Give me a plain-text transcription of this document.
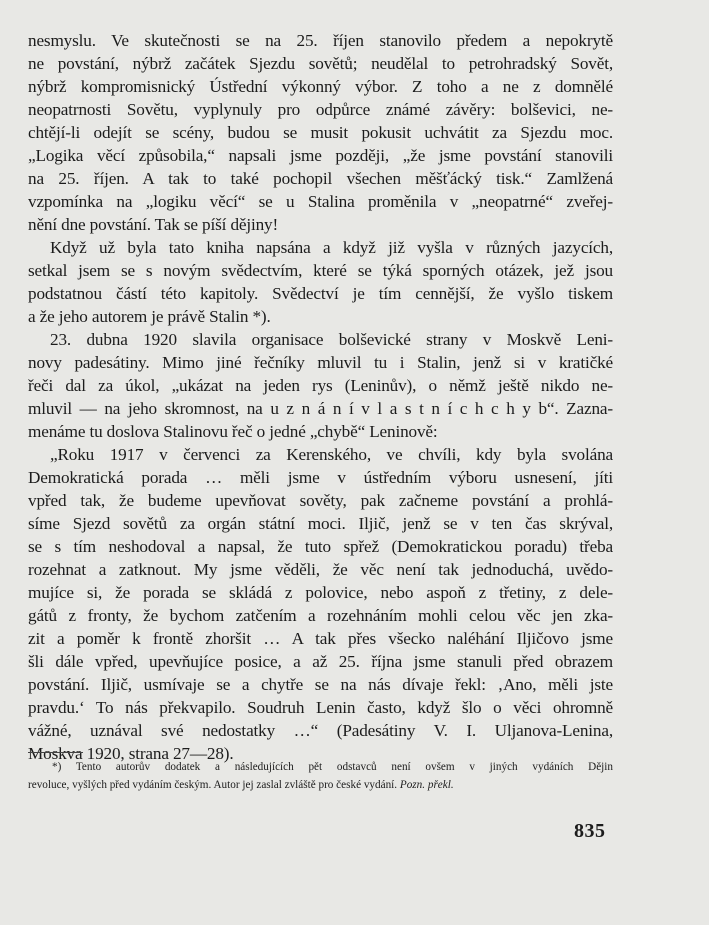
nesmyslu. Ve skutečnosti se na 25. říjen stanovilo předem a nepokrytě
ne povstání, nýbrž začátek Sjezdu sovětů; neudělal to petrohradský Sovět,
nýbrž kompromisnický Ústřední výkonný výbor. Z toho a ne z domnělé
neopatrnosti Sovětu, vyplynuly pro odpůrce známé závěry: bolševici, ne-
chtějí-li odejít se scény, budou se musit pokusit uchvátit za Sjezdu moc.
„Logika věcí způsobila,“ napsali jsme později, „že jsme povstání stanovili
na 25. říjen. A tak to také pochopil všechen měšťácký tisk.“ Zamlžená
vzpomínka na „logiku věcí“ se u Stalina proměnila v „neopatrné“ zveřej-
nění dne povstání. Tak se píší dějiny!
Když už byla tato kniha napsána a když již vyšla v různých jazycích,
setkal jsem se s novým svědectvím, které se týká sporných otázek, jež jsou
podstatnou částí této kapitoly. Svědectví je tím cennější, že vyšlo tiskem
a že jeho autorem je právě Stalin *).
23. dubna 1920 slavila organisace bolševické strany v Moskvě Leni-
novy padesátiny. Mimo jiné řečníky mluvil tu i Stalin, jenž si v kratičké
řeči dal za úkol, „ukázat na jeden rys (Leninův), o němž ještě nikdo ne-
mluvil — na jeho skromnost, na u z n á n í v l a s t n í c h c h y b“. Zazna-
menáme tu doslova Stalinovu řeč o jedné „chybě“ Leninově:
„Roku 1917 v červenci za Kerenského, ve chvíli, kdy byla svolána
Demokratická porada … měli jsme v ústředním výboru usnesení, jíti
vpřed tak, že budeme upevňovat sověty, pak začneme povstání a prohlá-
síme Sjezd sovětů za orgán státní moci. Iljič, jenž se v ten čas skrýval,
se s tím neshodoval a napsal, že tuto spřež (Demokratickou poradu) třeba
rozehnat a zatknout. My jsme věděli, že věc není tak jednoduchá, uvědo-
mujíce si, že porada se skládá z polovice, nebo aspoň z třetiny, z dele-
gátů z fronty, že bychom zatčením a rozehnáním mohli celou věc jen zka-
zit a poměr k frontě zhoršit … A tak přes všecko naléhání Iljičovo jsme
šli dále vpřed, upevňujíce posice, a až 25. října jsme stanuli před obrazem
povstání. Iljič, usmívaje se a chytře se na nás dívaje řekl: ‚Ano, měli jste
pravdu.‘ To nás překvapilo. Soudruh Lenin často, když šlo o věci ohromně
vážné, uznával své nedostatky …“ (Padesátiny V. I. Uljanova-Lenina,
Moskva 1920, strana 27—28).
*) Tento autorův dodatek a následujících pět odstavců není ovšem v jiných vydáních Dějin
revoluce, vyšlých před vydáním českým. Autor jej zaslal zvláště pro české vydání. Pozn. překl.
835
